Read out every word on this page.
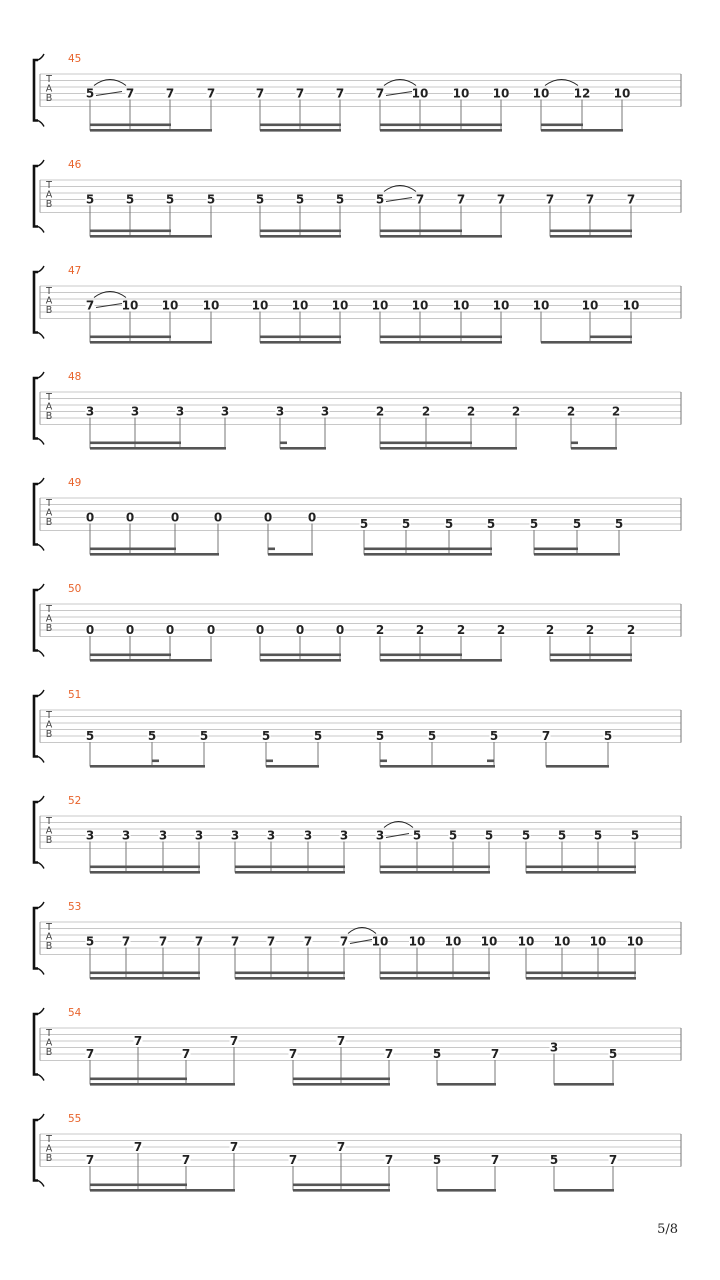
T
A
B
45
5	7	7	7	7	7	7	7 10 10 10 10 12 10
T
A
B
46
5	5	5	5	5	5	5	5	7	7	7	7	7	7
T
A
B
47
7 10 10 10	10 10 10 10 10 10 10 10	10 10
T
A
B
48
3	3	3	3	3	3	2	2	2	2	2	2
T
A
B
49
0	0	0	0	0	0	5	5	5	5	5	5	5
T
A
B
50
0	0	0	0	0	0	0	2	2	2	2	2	2	2
T
A
B
51
5	5	5	5	5	5	5	5	7	5
T
A
B
52
3 3 3 3 3 3 3 3 3 5 5 5 5 5 5 5
T
A
B
53
5 7 7 7 7 7 7 7 10 10 10 10 10 10 10 10
T
A
B
54
7
7
7
7
7
7
7	5	7	3	5
T
A
B
55
7
7
7
7
7
7
7	5	7	5	7
5/8
